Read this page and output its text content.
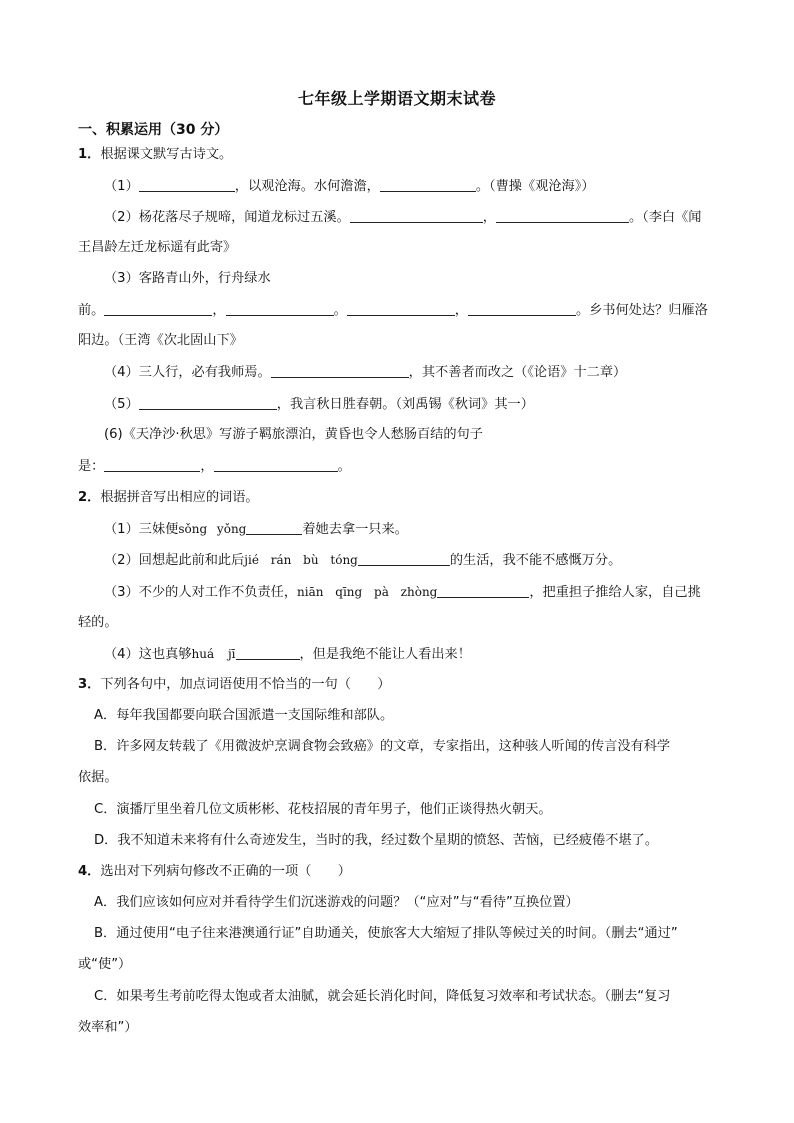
七年级上学期语文期末试卷
一、积累运用（30 分）
1．根据课文默写古诗文。
（1）	，以观沧海。水何澹澹，	。（曹操《观沧海》）
（2）杨花落尽子规啼，闻道龙标过五溪。	，	。（李白《闻
王昌龄左迁龙标遥有此寄》
（3）客路青山外，行舟绿水
前。	，	。	，	。乡书何处达？归雁洛
阳边。（王湾《次北固山下》
（4）三人行，必有我师焉。	，其不善者而改之（《论语》十二章）
（5）	，我言秋日胜春朝。（刘禹锡《秋词》其一）
(6)《天净沙·秋思》写游子羁旅漂泊，黄昏也令人愁肠百结的句子
是：	，	。
2．根据拼音写出相应的词语。
（1）三妹便sǒng yǒng	着她去拿一只来。
（2）回想起此前和此后jié rán bù tóng	的生活，我不能不感慨万分。
（3）不少的人对工作不负责任，niān qīng pà zhòng	，把重担子推给人家，自己挑
轻的。
（4）这也真够huá jī	，但是我绝不能让人看出来！
3．下列各句中，加点词语使用不恰当的一句（　　）
A．每年我国都要向联合国派遣一支国际维和部队。
B．许多网友转载了《用微波炉烹调食物会致癌》的文章，专家指出，这种骇人听闻的传言没有科学
依据。
C．演播厅里坐着几位文质彬彬、花枝招展的青年男子，他们正谈得热火朝天。
D．我不知道未来将有什么奇迹发生，当时的我，经过数个星期的愤怒、苦恼，已经疲倦不堪了。
4．选出对下列病句修改不正确的一项（　　）
A．我们应该如何应对并看待学生们沉迷游戏的问题？（“应对”与“看待”互换位置）
B．通过使用“电子往来港澳通行证”自助通关，使旅客大大缩短了排队等候过关的时间。（删去“通过”
或“使”）
C．如果考生考前吃得太饱或者太油腻，就会延长消化时间，降低复习效率和考试状态。（删去“复习
效率和”）
